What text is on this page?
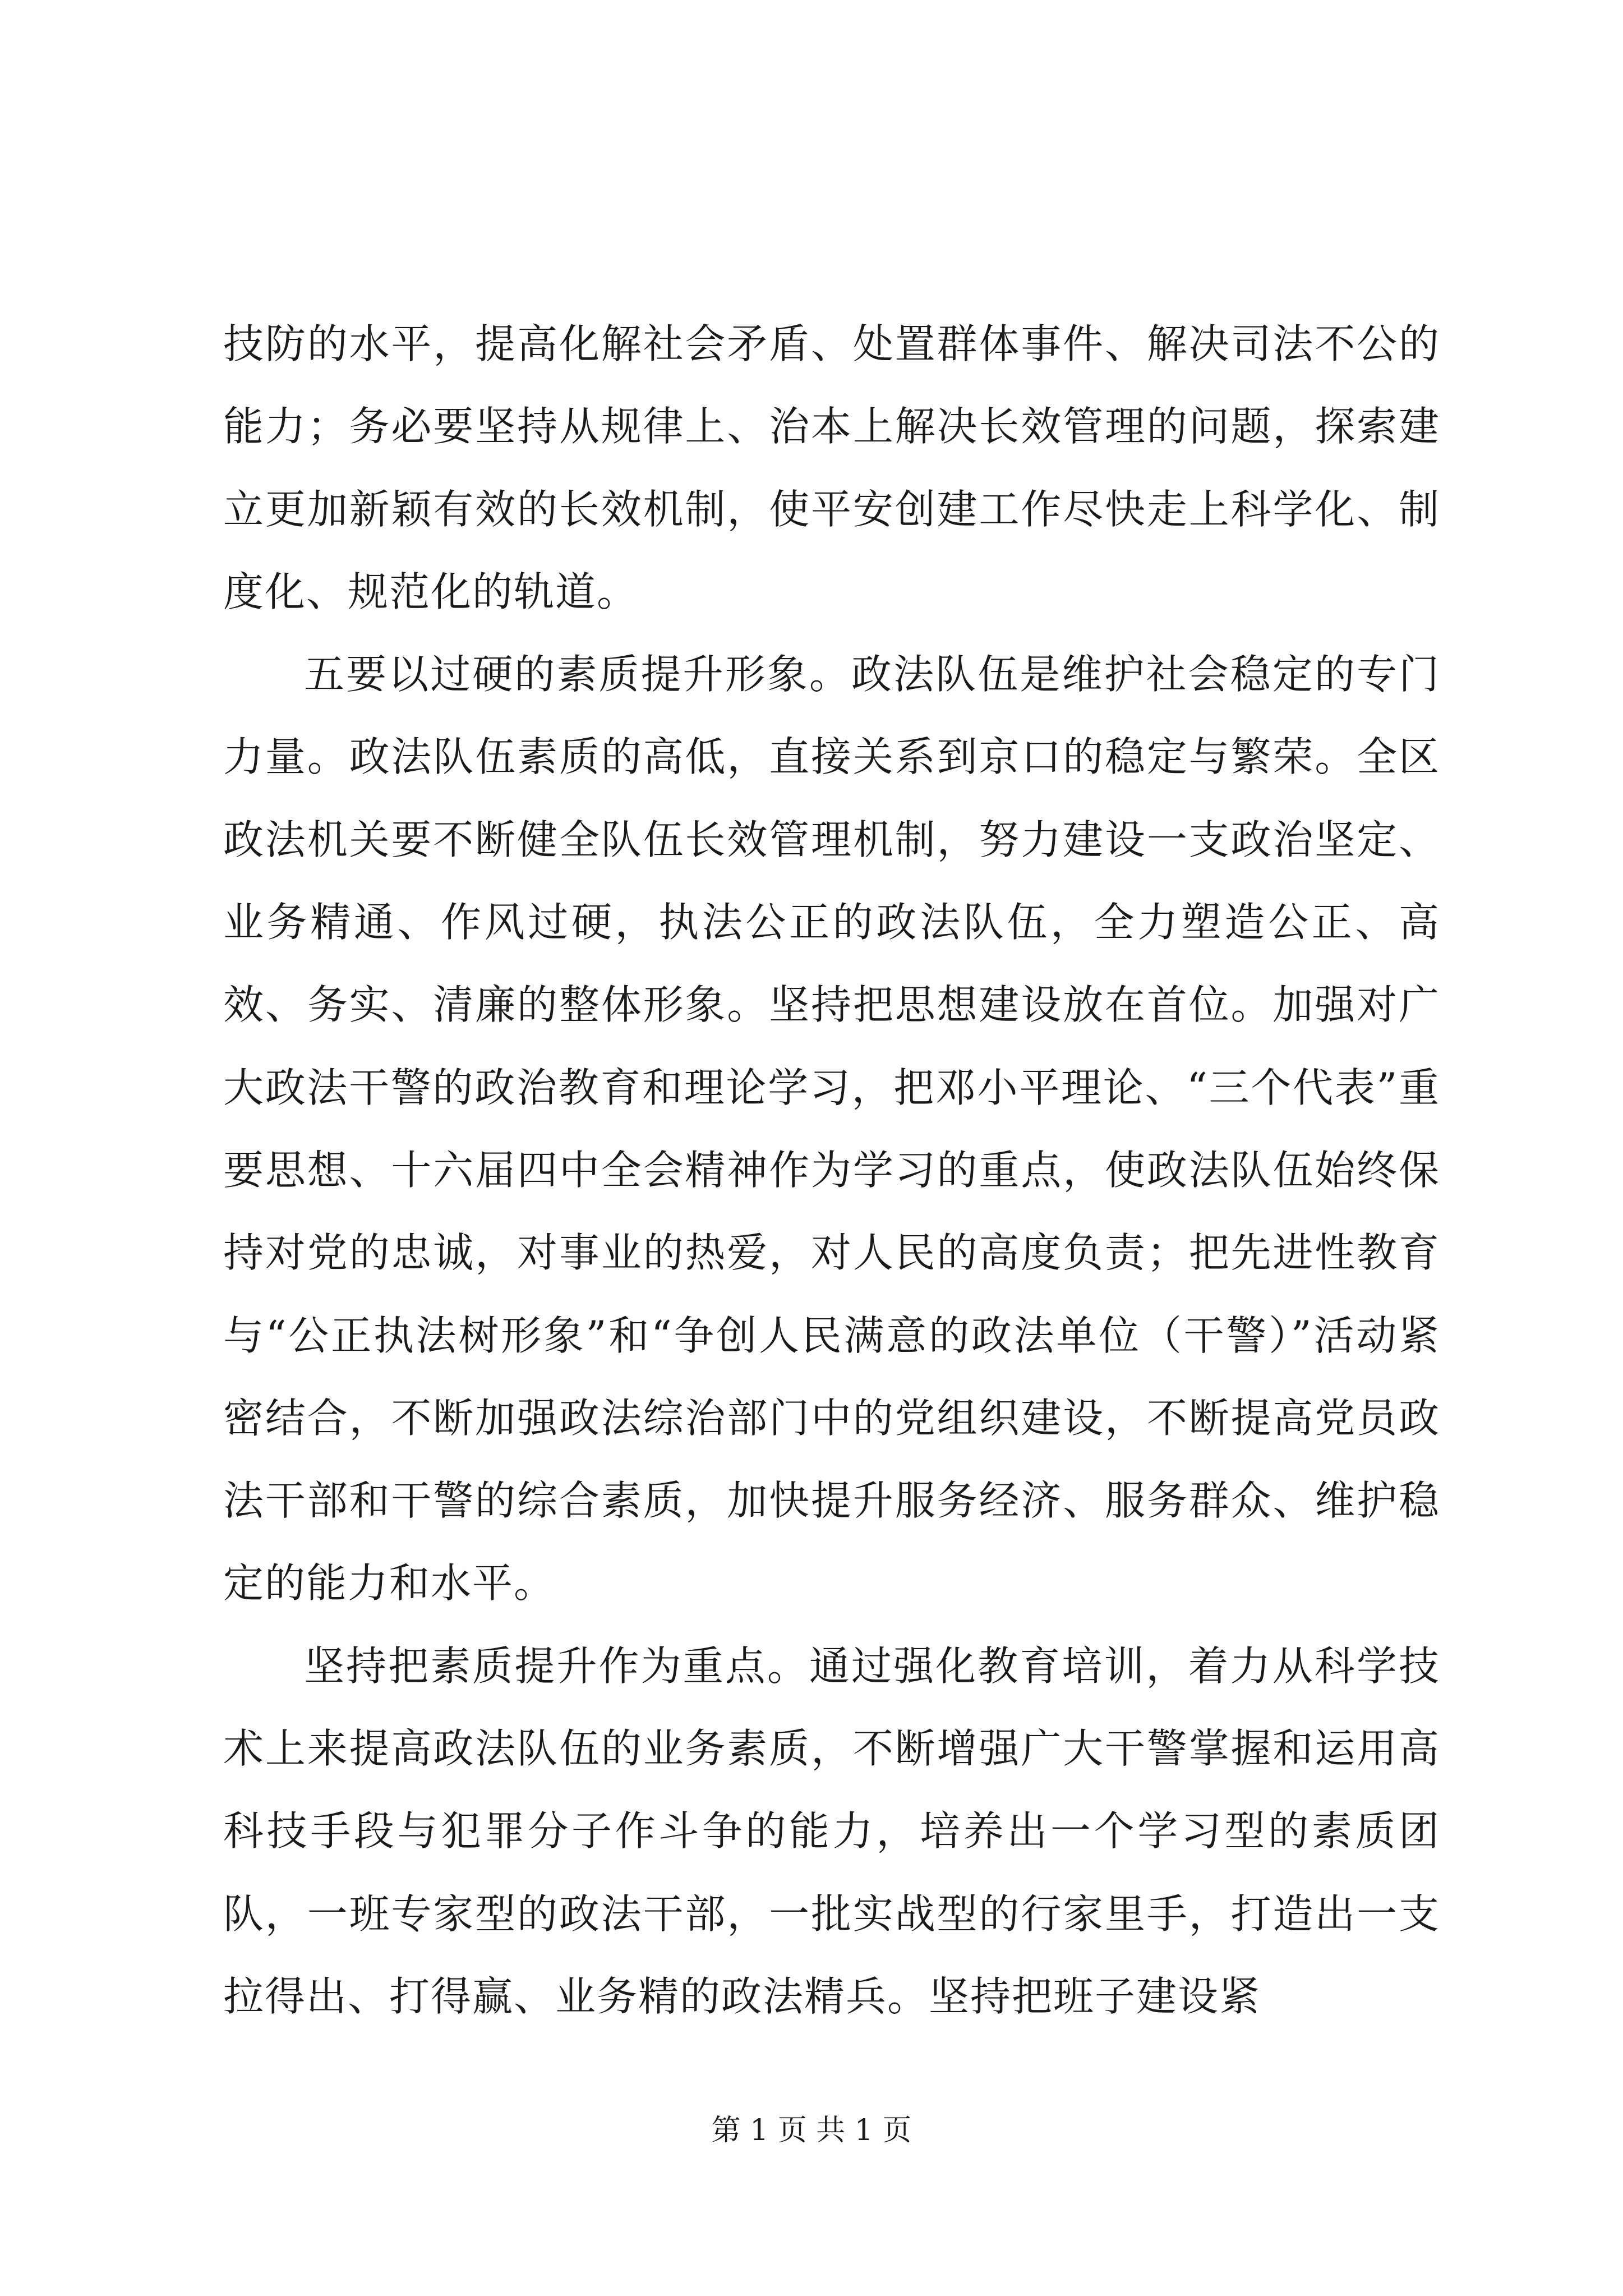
技防的水平，提高化解社会矛盾、处置群体事件、解决司法不公的能力；务必要坚持从规律上、治本上解决长效管理的问题，探索建立更加新颖有效的长效机制，使平安创建工作尽快走上科学化、制度化、规范化的轨道。

五要以过硬的素质提升形象。政法队伍是维护社会稳定的专门力量。政法队伍素质的高低，直接关系到京口的稳定与繁荣。全区政法机关要不断健全队伍长效管理机制，努力建设一支政治坚定、业务精通、作风过硬，执法公正的政法队伍，全力塑造公正、高效、务实、清廉的整体形象。坚持把思想建设放在首位。加强对广大政法干警的政治教育和理论学习，把邓小平理论、“三个代表”重要思想、十六届四中全会精神作为学习的重点，使政法队伍始终保持对党的忠诚，对事业的热爱，对人民的高度负责；把先进性教育与“公正执法树形象”和“争创人民满意的政法单位（干警）”活动紧密结合，不断加强政法综治部门中的党组织建设，不断提高党员政法干部和干警的综合素质，加快提升服务经济、服务群众、维护稳定的能力和水平。

坚持把素质提升作为重点。通过强化教育培训，着力从科学技术上来提高政法队伍的业务素质，不断增强广大干警掌握和运用高科技手段与犯罪分子作斗争的能力，培养出一个学习型的素质团队，一班专家型的政法干部，一批实战型的行家里手，打造出一支拉得出、打得赢、业务精的政法精兵。坚持把班子建设紧

第 1 页 共 1 页
